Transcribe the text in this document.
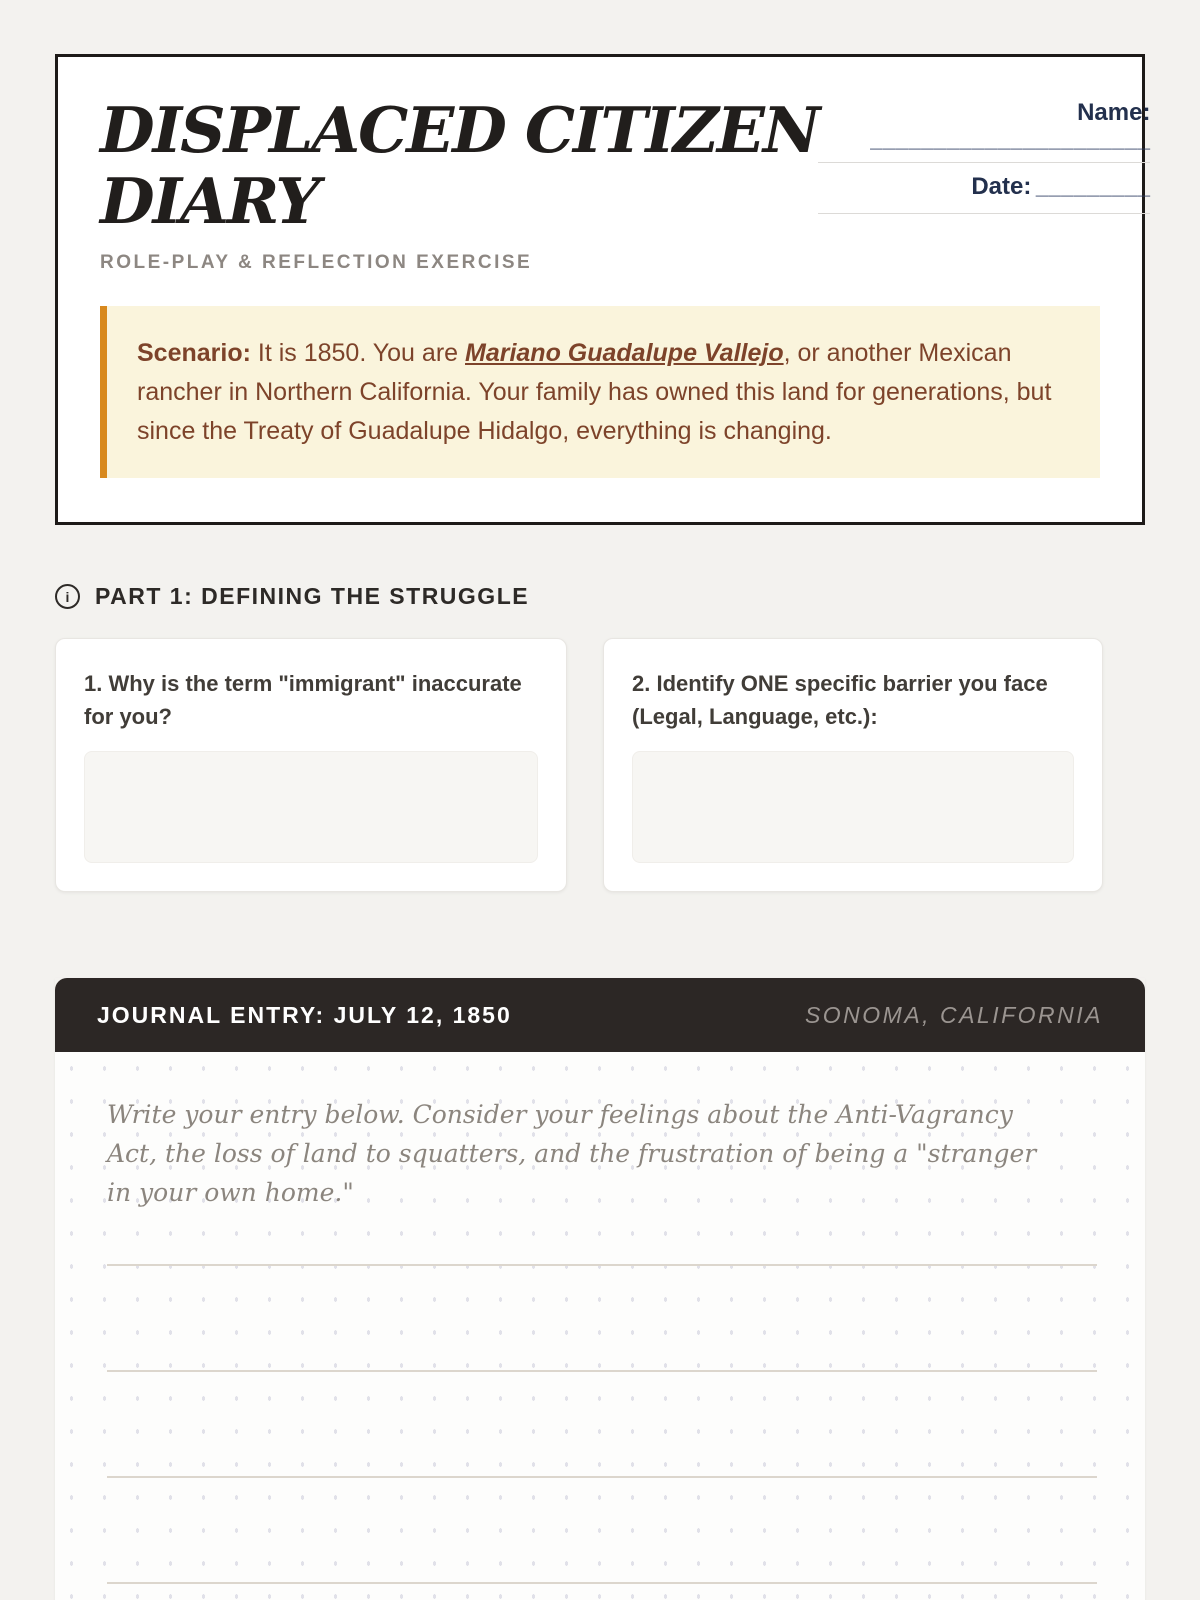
DISPLACED CITIZEN
DIARY
ROLE-PLAY & REFLECTION EXERCISE
Name:
______________________
Date: _________
Scenario: It is 1850. You are Mariano Guadalupe Vallejo, or another Mexican rancher in Northern California. Your family has owned this land for generations, but since the Treaty of Guadalupe Hidalgo, everything is changing.
i	PART 1: DEFINING THE STRUGGLE
1. Why is the term "immigrant" inaccurate for you?
2. Identify ONE specific barrier you face (Legal, Language, etc.):
JOURNAL ENTRY: JULY 12, 1850	SONOMA, CALIFORNIA
Write your entry below. Consider your feelings about the Anti-Vagrancy Act, the loss of land to squatters, and the frustration of being a "stranger in your own home."
